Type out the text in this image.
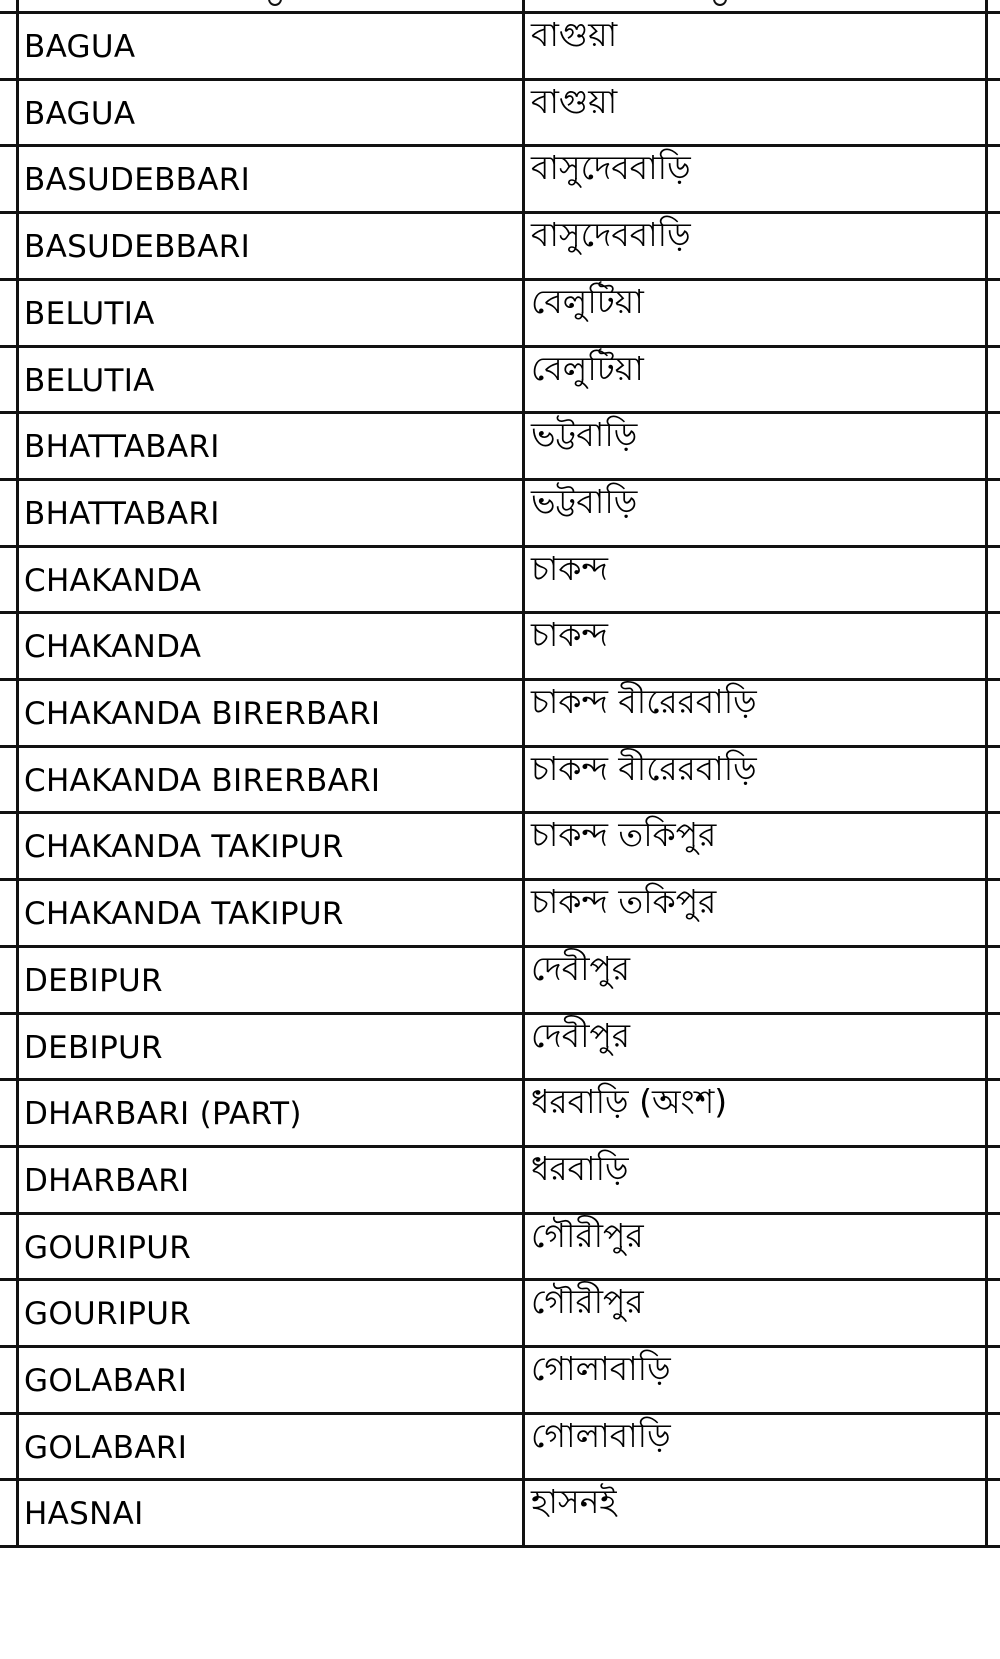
BAGUA	বাগুয়া
BAGUA	বাগুয়া
BASUDEBBARI	বাসুদেববাড়ি
BASUDEBBARI	বাসুদেববাড়ি
BELUTIA	বেলুটিয়া
BELUTIA	বেলুটিয়া
BHATTABARI	ভট্টবাড়ি
BHATTABARI	ভট্টবাড়ি
CHAKANDA	চাকন্দ
CHAKANDA	চাকন্দ
CHAKANDA BIRERBARI	চাকন্দ বীরেরবাড়ি
CHAKANDA BIRERBARI	চাকন্দ বীরেরবাড়ি
CHAKANDA TAKIPUR	চাকন্দ তকিপুর
CHAKANDA TAKIPUR	চাকন্দ তকিপুর
DEBIPUR	দেবীপুর
DEBIPUR	দেবীপুর
DHARBARI (PART)	ধরবাড়ি (অংশ)
DHARBARI	ধরবাড়ি
GOURIPUR	গৌরীপুর
GOURIPUR	গৌরীপুর
GOLABARI	গোলাবাড়ি
GOLABARI	গোলাবাড়ি
HASNAI	হাসনই
